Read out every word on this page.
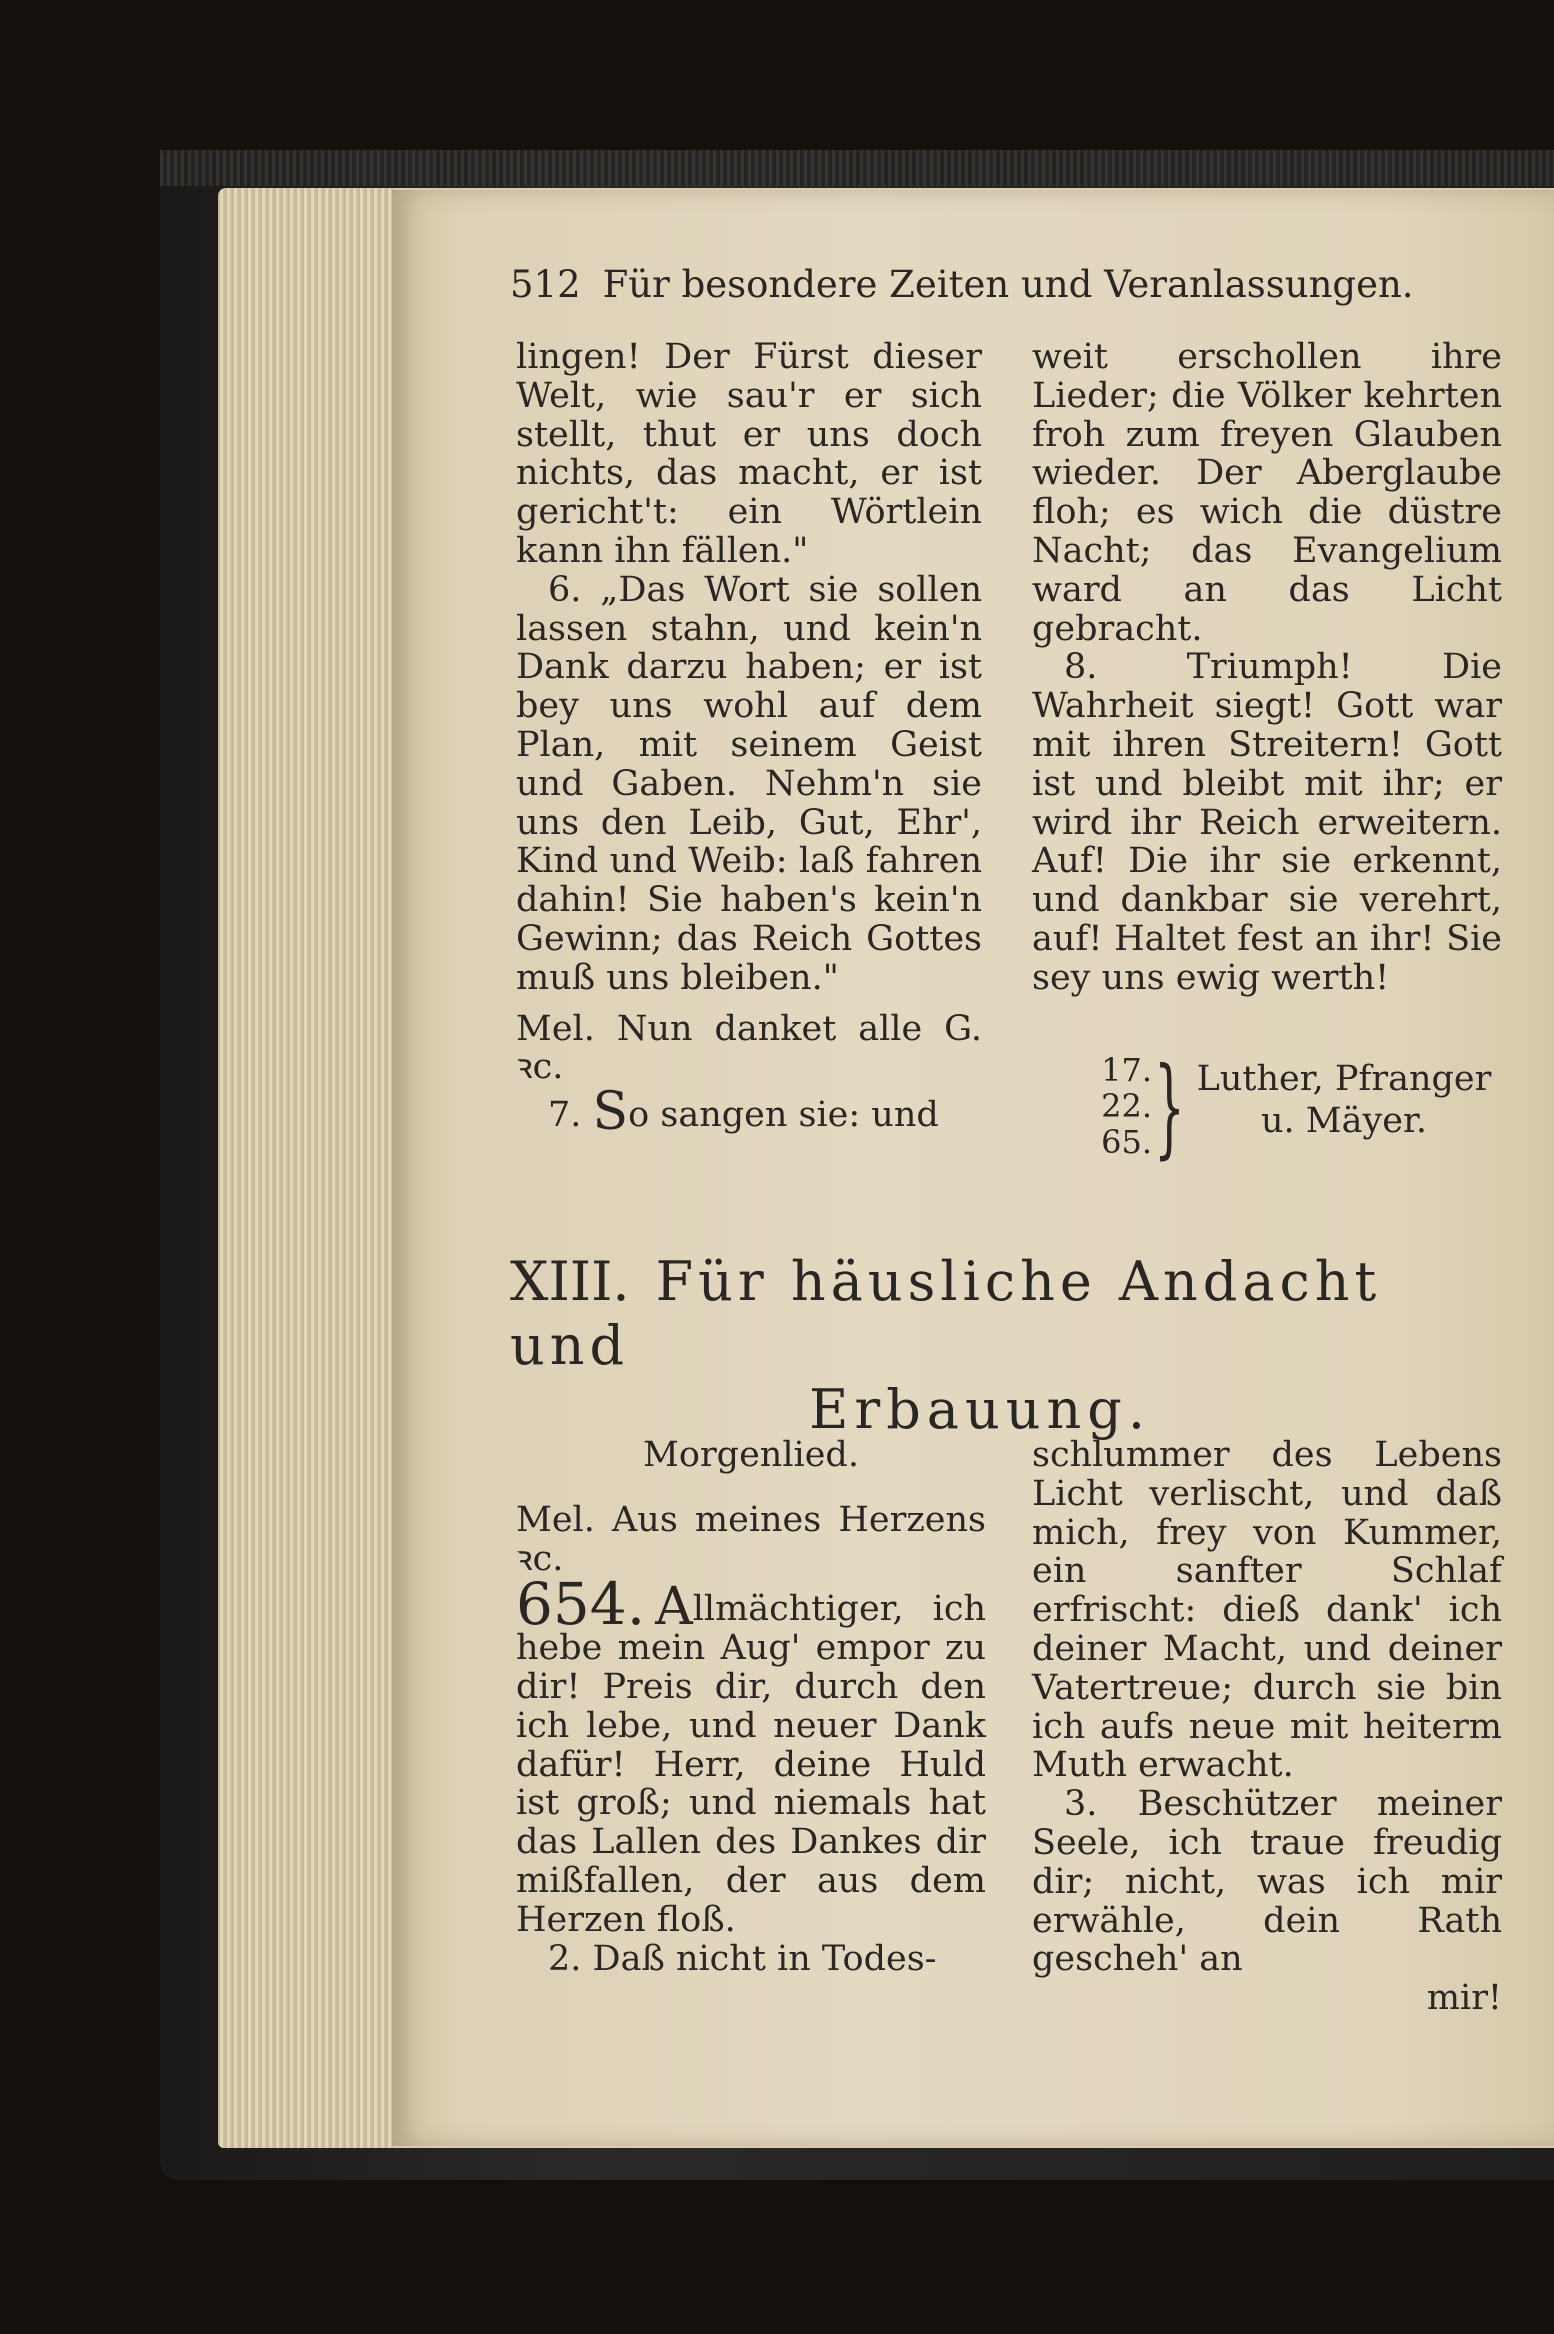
512 Für besondere Zeiten und Veranlassungen.

lingen! Der Fürst dieser Welt, wie sau'r er sich stellt, thut er uns doch nichts, das macht, er ist gericht't: ein Wörtlein kann ihn fällen."

6. „Das Wort sie sollen lassen stahn, und kein'n Dank darzu haben; er ist bey uns wohl auf dem Plan, mit seinem Geist und Gaben. Nehm'n sie uns den Leib, Gut, Ehr', Kind und Weib: laß fahren dahin! Sie haben's kein'n Gewinn; das Reich Gottes muß uns bleiben."

Mel. Nun danket alle G. ꝛc.

7. So sangen sie: und

weit erschollen ihre Lieder; die Völker kehrten froh zum freyen Glauben wieder. Der Aberglaube floh; es wich die düstre Nacht; das Evangelium ward an das Licht gebracht.

8. Triumph! Die Wahrheit siegt! Gott war mit ihren Streitern! Gott ist und bleibt mit ihr; er wird ihr Reich erweitern. Auf! Die ihr sie erkennt, und dankbar sie verehrt, auf! Haltet fest an ihr! Sie sey uns ewig werth!

17.
22.
65. } Luther, Pfranger
u. Mäyer.
XIII. Für häusliche Andacht und
Erbauung.

Morgenlied.

Mel. Aus meines Herzens ꝛc.

654. Allmächtiger, ich hebe mein Aug' empor zu dir! Preis dir, durch den ich lebe, und neuer Dank dafür! Herr, deine Huld ist groß; und niemals hat das Lallen des Dankes dir mißfallen, der aus dem Herzen floß.

2. Daß nicht in Todes-

schlummer des Lebens Licht verlischt, und daß mich, frey von Kummer, ein sanfter Schlaf erfrischt: dieß dank' ich deiner Macht, und deiner Vatertreue; durch sie bin ich aufs neue mit heiterm Muth erwacht.

3. Beschützer meiner Seele, ich traue freudig dir; nicht, was ich mir erwähle, dein Rath gescheh' an

mir!
